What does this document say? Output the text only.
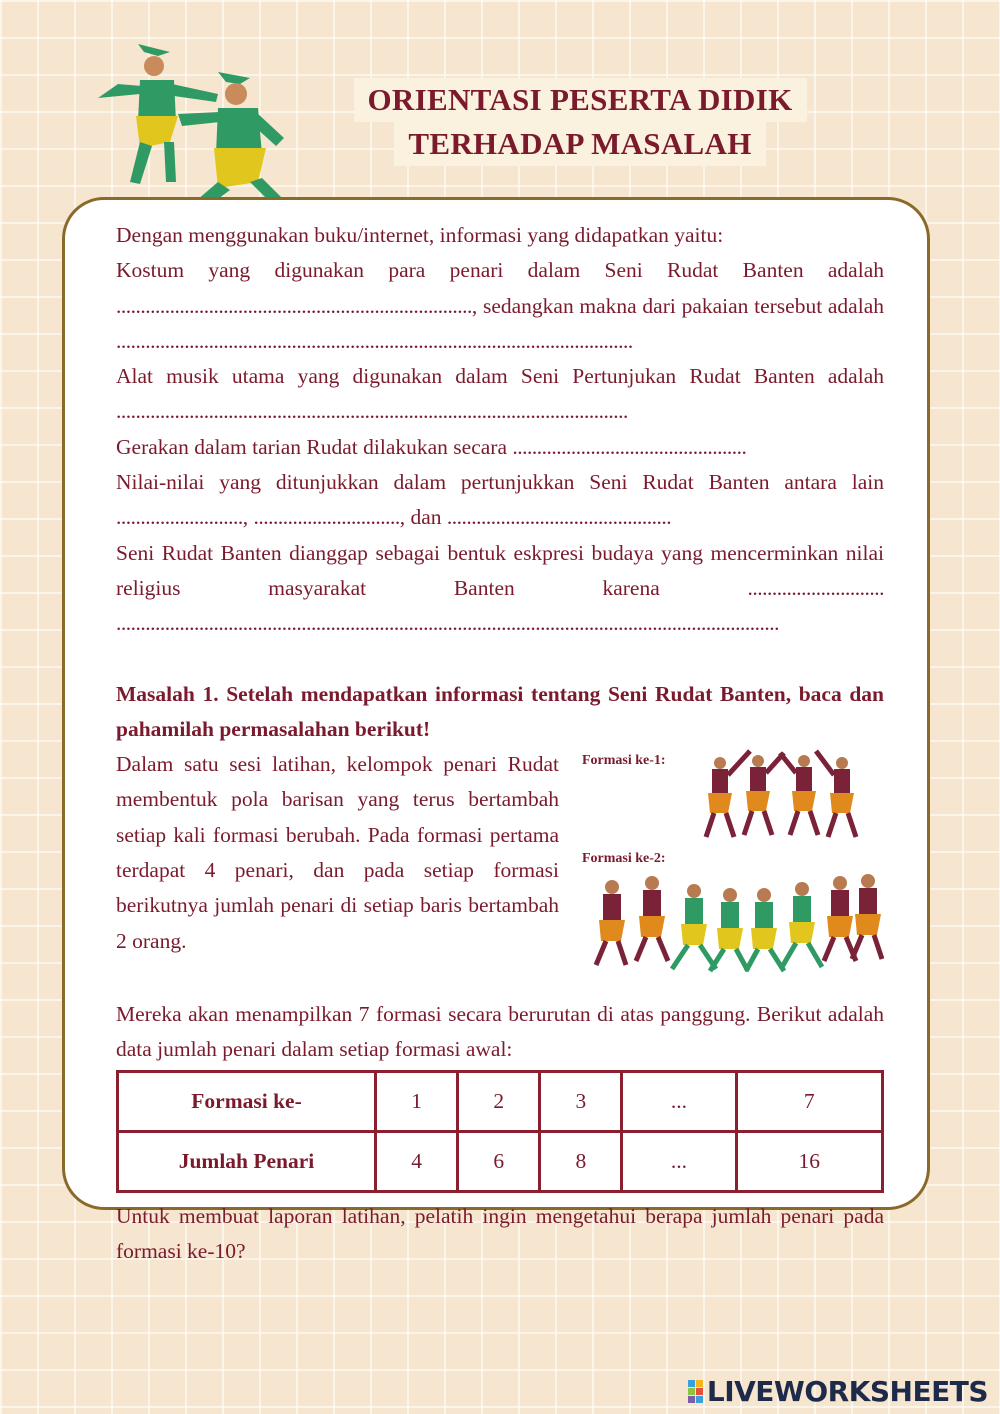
ORIENTASI PESERTA DIDIK
TERHADAP MASALAH

Dengan menggunakan buku/internet, informasi yang didapatkan yaitu:

Kostum yang digunakan para penari dalam Seni Rudat Banten adalah ........................................................................., sedangkan makna dari pakaian tersebut adalah ..........................................................................................................

Alat musik utama yang digunakan dalam Seni Pertunjukan Rudat Banten adalah .........................................................................................................

Gerakan dalam tarian Rudat dilakukan secara ................................................

Nilai-nilai yang ditunjukkan dalam pertunjukkan Seni Rudat Banten antara lain .........................., .............................., dan ..............................................

Seni Rudat Banten dianggap sebagai bentuk eskpresi budaya yang mencerminkan nilai religius masyarakat Banten karena	............................ ........................................................................................................................................

Masalah 1. Setelah mendapatkan informasi tentang Seni Rudat Banten, baca dan pahamilah permasalahan berikut!

Dalam satu sesi latihan, kelompok penari Rudat membentuk pola barisan yang terus bertambah setiap kali formasi berubah. Pada formasi pertama terdapat 4 penari, dan pada setiap formasi berikutnya jumlah penari di setiap baris bertambah 2 orang.

Formasi ke-1:
Formasi ke-2:

Mereka akan menampilkan 7 formasi secara berurutan di atas panggung. Berikut adalah data jumlah penari dalam setiap formasi awal:

Formasi ke-	1	2	3	...	7
Jumlah Penari	4	6	8	...	16

Untuk membuat laporan latihan, pelatih ingin mengetahui berapa jumlah penari pada formasi ke-10?

LIVEWORKSHEETS
